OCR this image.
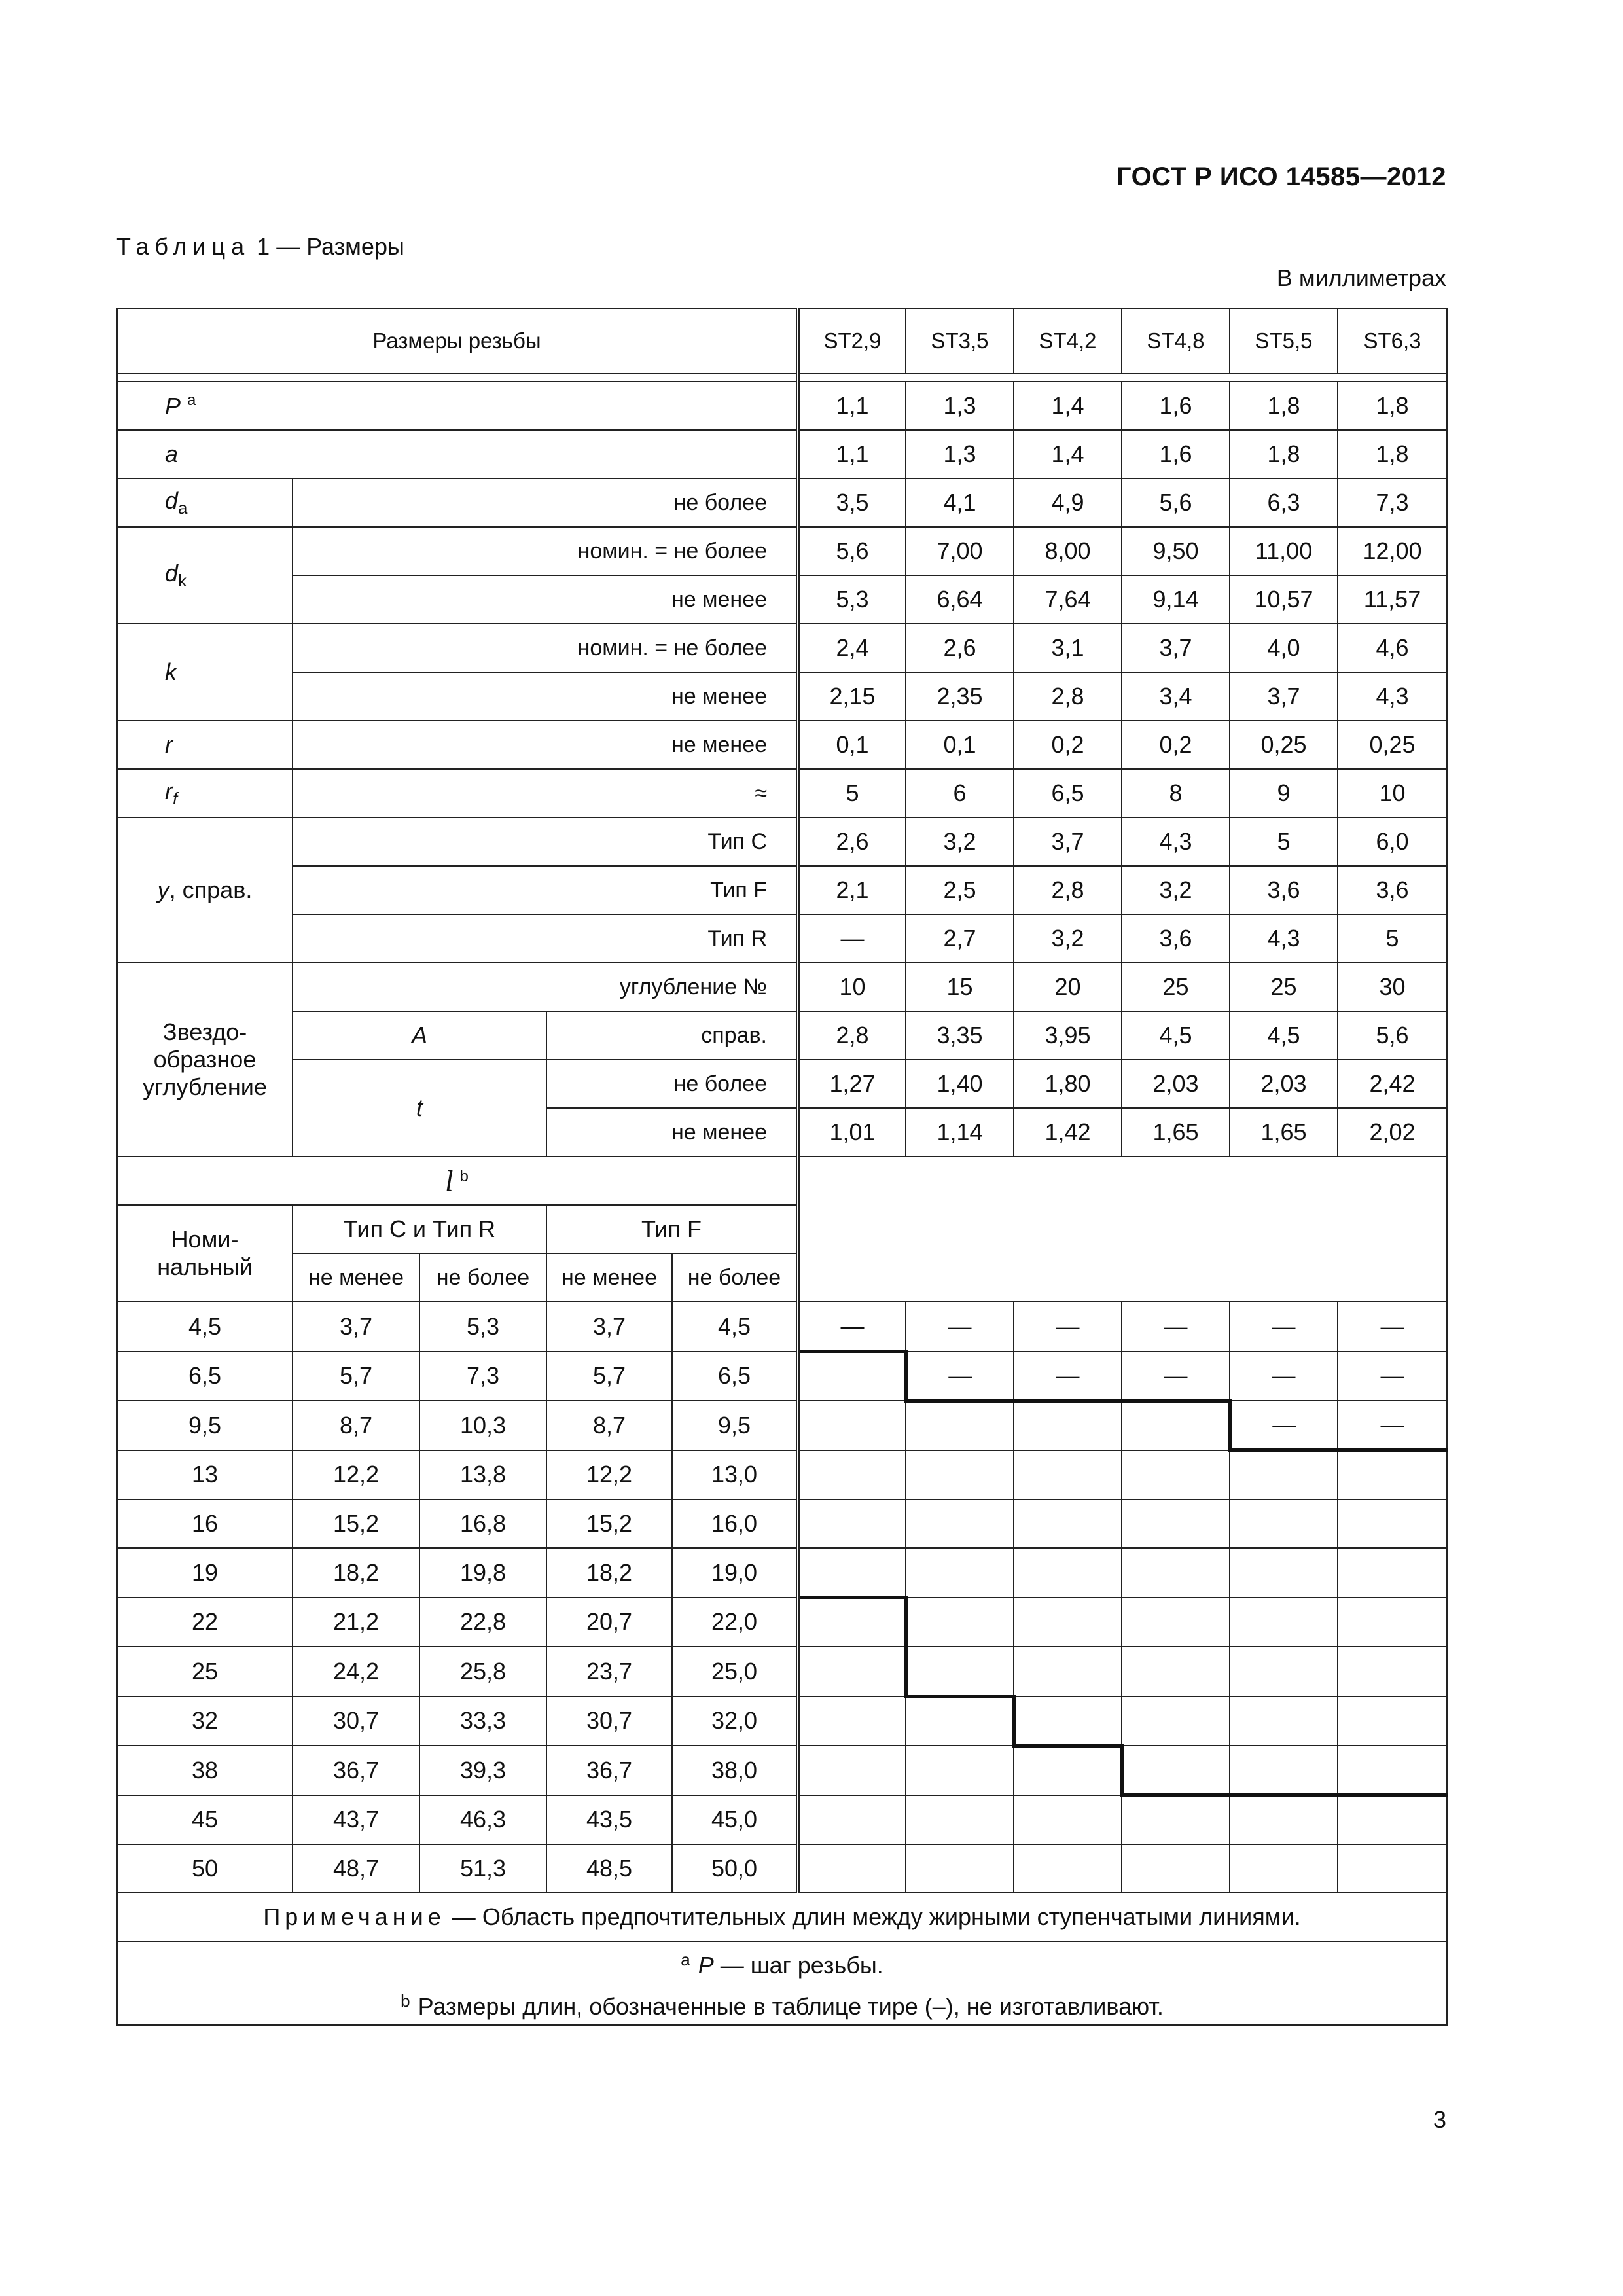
ГОСТ Р ИСО 14585—2012
Таблица 1 — Размеры
В миллиметрах
Размеры резьбы					ST2,9	ST3,5	ST4,2	ST4,8	ST5,5	ST6,3

P $^a$					1,1	1,3	1,4	1,6	1,8	1,8
a					1,1	1,3	1,4	1,6	1,8	1,8
$d_a$	не более				3,5	4,1	4,9	5,6	6,3	7,3
$d_k$	номин. = не более				5,6	7,00	8,00	9,50	11,00	12,00
	не менее				5,3	6,64	7,64	9,14	10,57	11,57
k	номин. = не более				2,4	2,6	3,1	3,7	4,0	4,6
	не менее				2,15	2,35	2,8	3,4	3,7	4,3
r	не менее				0,1	0,1	0,2	0,2	0,25	0,25
$r_f$	≈				5	6	6,5	8	9	10
y, справ.	Тип C				2,6	3,2	3,7	4,3	5	6,0
	Тип F				2,1	2,5	2,8	3,2	3,6	3,6
	Тип R				—	2,7	3,2	3,6	4,3	5
Звездо- образное углубление	углубление №				10	15	20	25	25	30
	A		справ.		2,8	3,35	3,95	4,5	4,5	5,6
	t		не более		1,27	1,40	1,80	2,03	2,03	2,42
			не менее		1,01	1,14	1,42	1,65	1,65	2,02
l $^b$	
Номи- нальный	Тип C и Тип R		Тип F							
	не менее	не более	не менее	не более						
4,5	3,7	5,3	3,7	4,5	—	—	—	—	—	—
6,5	5,7	7,3	5,7	6,5		—	—	—	—	—
9,5	8,7	10,3	8,7	9,5					—	—
13	12,2	13,8	12,2	13,0						
16	15,2	16,8	15,2	16,0						
19	18,2	19,8	18,2	19,0						
22	21,2	22,8	20,7	22,0						
25	24,2	25,8	23,7	25,0						
32	30,7	33,3	30,7	32,0						
38	36,7	39,3	36,7	38,0						
45	43,7	46,3	43,5	45,0						
50	48,7	51,3	48,5	50,0						
Примечание — Область предпочтительных длин между жирными ступенчатыми линиями.										

$^a$ P — шаг резьбы.
$^b$ Размеры длин, обозначенные в таблице тире (–), не изготавливают.										
3
